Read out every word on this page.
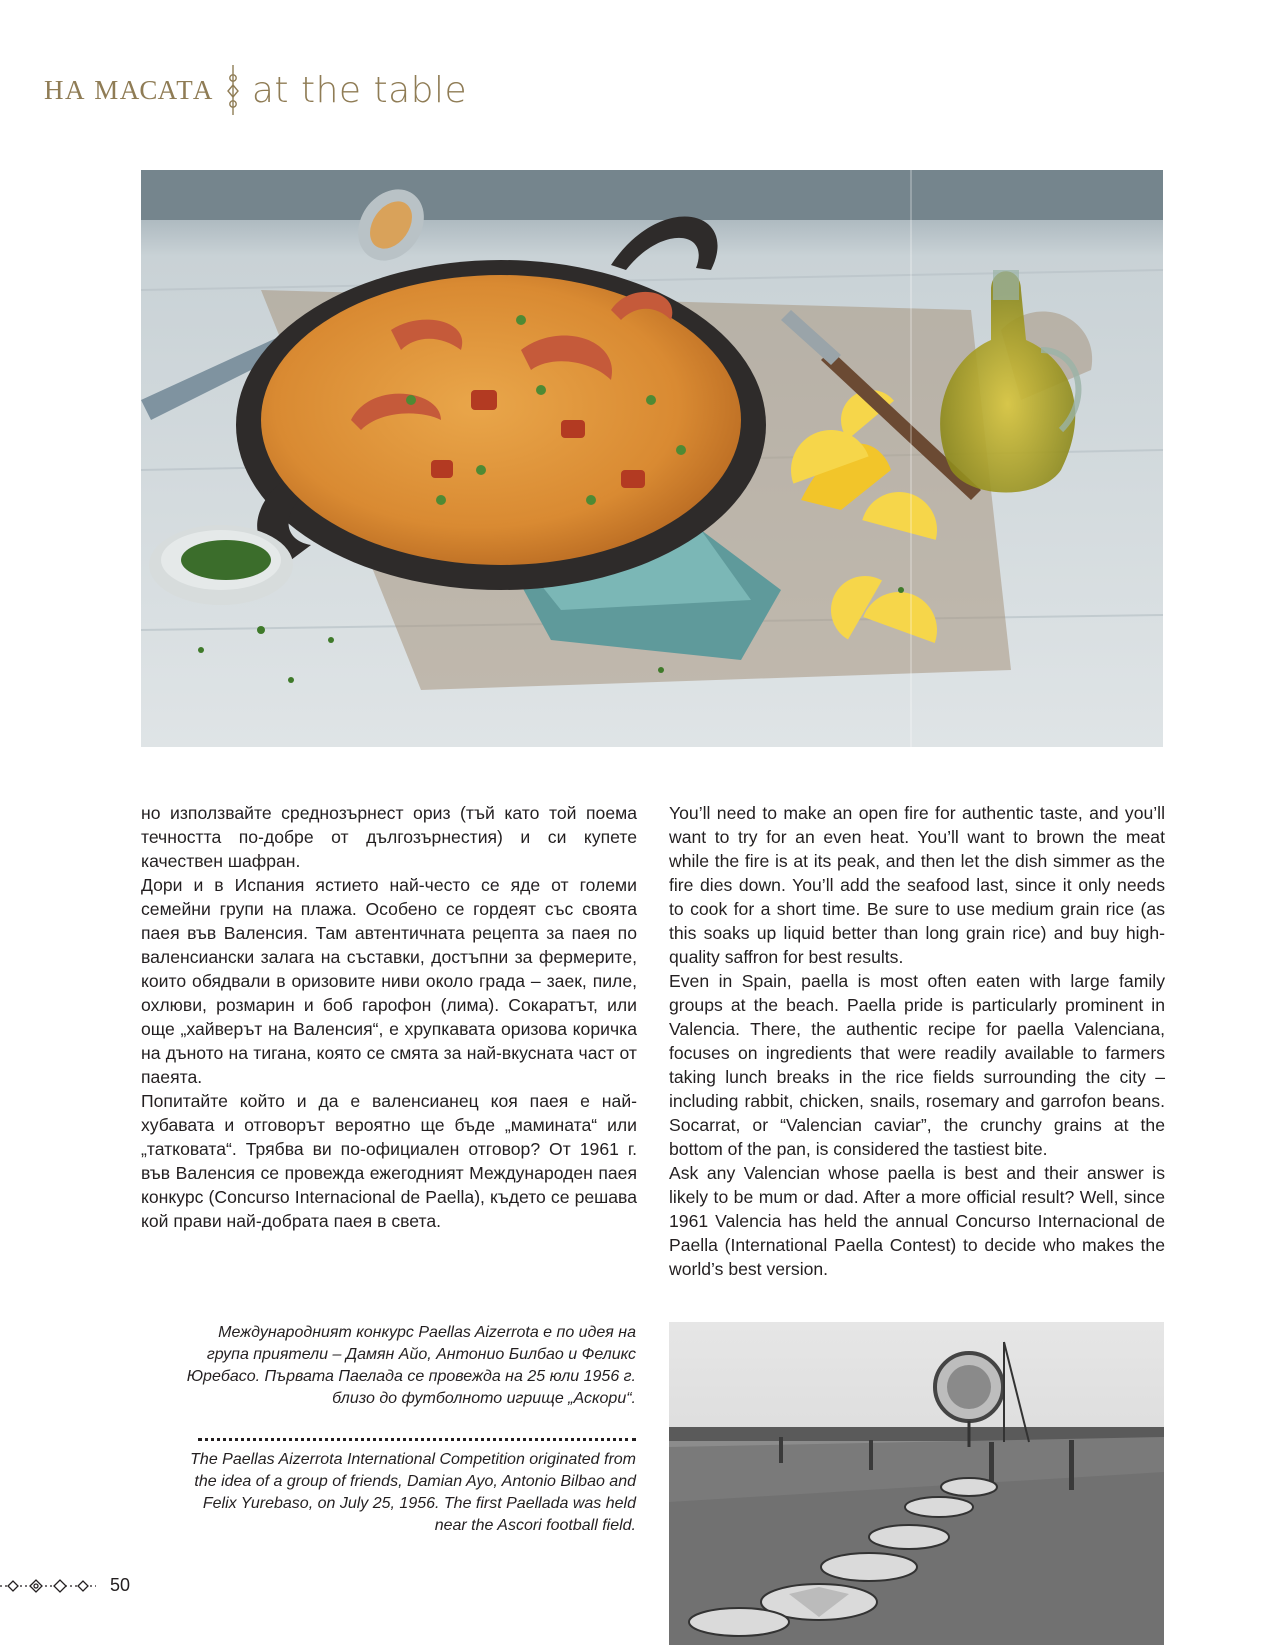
НА МАСАТА at the table

но използвайте среднозърнест ориз (тъй като той поема течността по-добре от дългозърнестия) и си купете качествен шафран.

Дори и в Испания ястието най-често се яде от големи семейни групи на плажа. Особено се гордеят със своята паея във Валенсия. Там автентичната рецепта за паея по валенсиански залага на съставки, достъпни за фермерите, които обядвали в оризовите ниви около града – заек, пиле, охлюви, розмарин и боб гарофон (лима). Сокаратът, или още „хайверът на Валенсия“, е хрупкавата оризова коричка на дъното на тигана, която се смята за най-вкусната част от паеята.

Попитайте който и да е валенсианец коя паея е най-хубавата и отговорът вероятно ще бъде „мамината“ или „татковата“. Трябва ви по-официален отговор? От 1961 г. във Валенсия се провежда ежегодният Международен паея конкурс (Concurso Internacional de Paella), където се решава кой прави най-добрата паея в света.

You’ll need to make an open fire for authentic taste, and you’ll want to try for an even heat. You’ll want to brown the meat while the fire is at its peak, and then let the dish simmer as the fire dies down. You’ll add the seafood last, since it only needs to cook for a short time. Be sure to use medium grain rice (as this soaks up liquid better than long grain rice) and buy high-quality saffron for best results.

Even in Spain, paella is most often eaten with large family groups at the beach. Paella pride is particularly prominent in Valencia. There, the authentic recipe for paella Valenciana, focuses on ingredients that were readily available to farmers taking lunch breaks in the rice fields surrounding the city – including rabbit, chicken, snails, rosemary and garrofon beans. Socarrat, or “Valencian caviar”, the crunchy grains at the bottom of the pan, is considered the tastiest bite.

Ask any Valencian whose paella is best and their answer is likely to be mum or dad. After a more official result? Well, since 1961 Valencia has held the annual Concurso Internacional de Paella (International Paella Contest) to decide who makes the world’s best version.

Международният конкурс Paellas Aizerrota е по идея на група приятели – Дамян Айо, Антонио Билбао и Феликс Юребасо. Първата Паелада се провежда на 25 юли 1956 г. близо до футболното игрище „Аскори“.
The Paellas Aizerrota International Competition originated from the idea of a group of friends, Damian Ayo, Antonio Bilbao and Felix Yurebaso, on July 25, 1956. The first Paellada was held near the Ascori football field.
50
